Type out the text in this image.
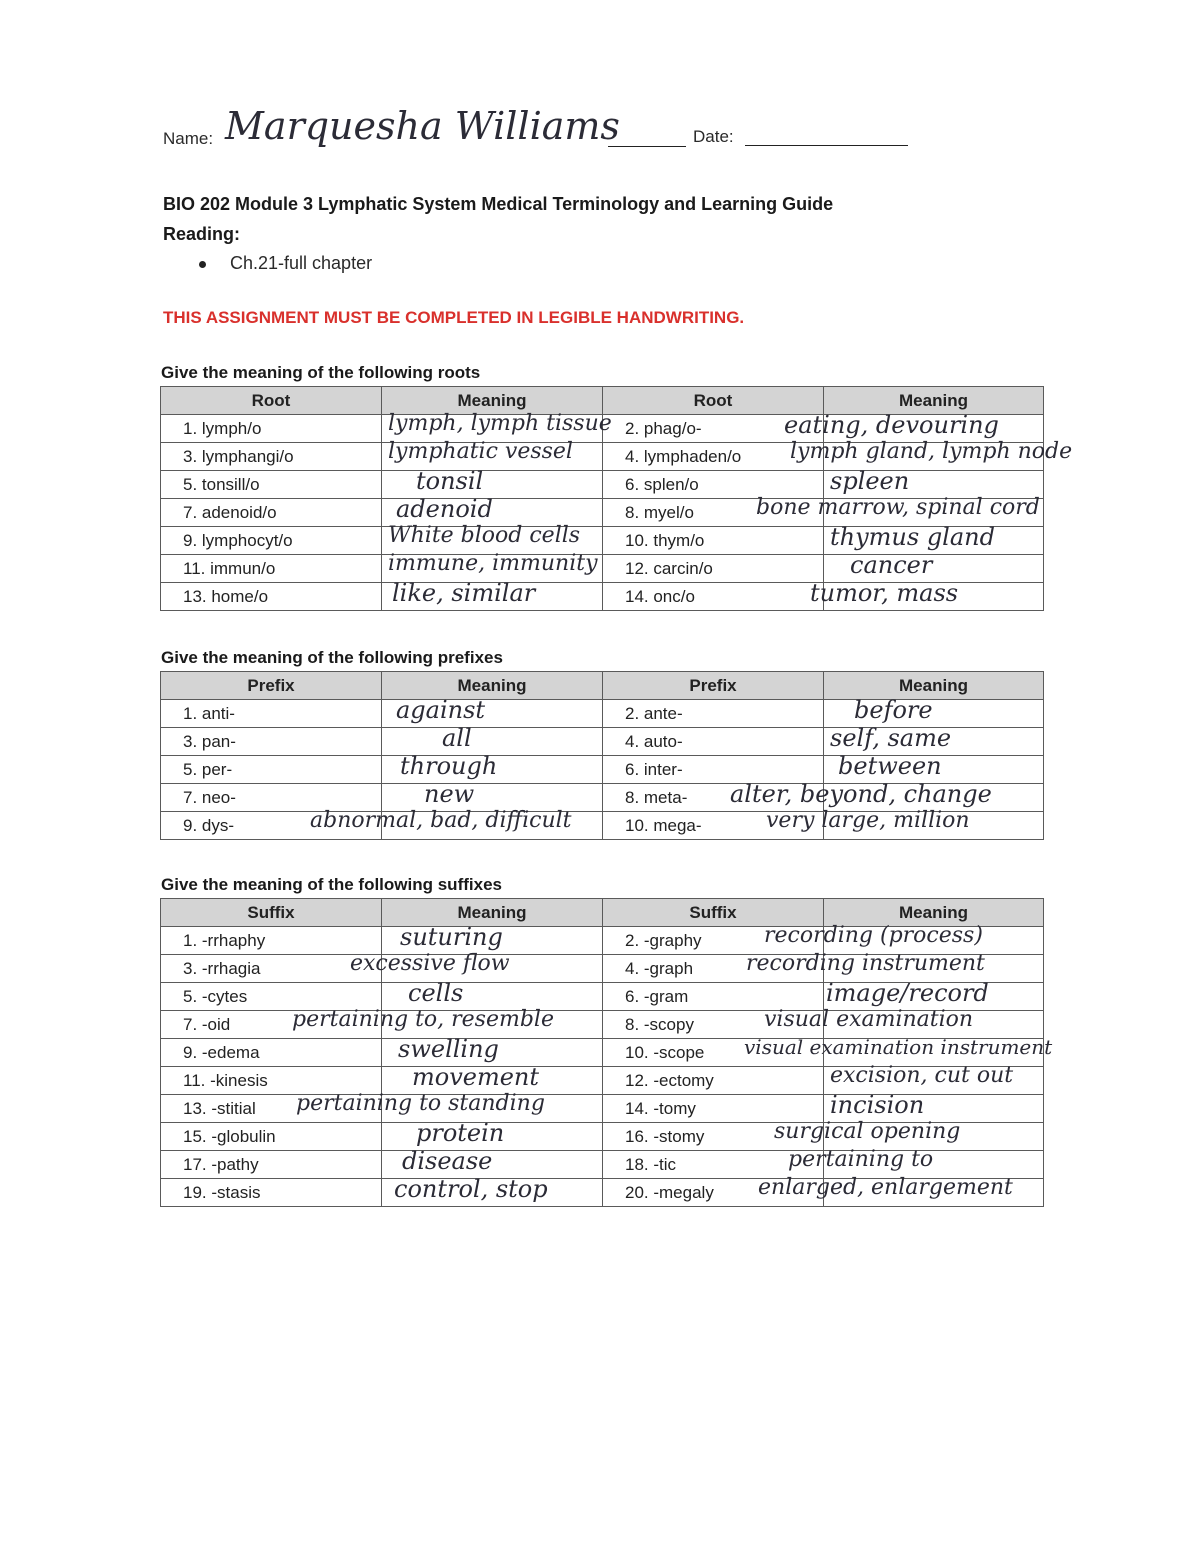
Name: Marquesha Williams	Date:
BIO 202 Module 3 Lymphatic System Medical Terminology and Learning Guide
Reading:
Ch.21-full chapter
THIS ASSIGNMENT MUST BE COMPLETED IN LEGIBLE HANDWRITING.
Give the meaning of the following roots
Root	Meaning	Root	Meaning
1. lymph/o	lymph, lymph tissue	2. phag/o-	eating, devouring

3. lymphangi/o	lymphatic vessel	4. lymphaden/o	lymph gland, lymph node

5. tonsill/o	tonsil	6. splen/o	spleen

7. adenoid/o	adenoid	8. myel/o	bone marrow, spinal cord

9. lymphocyt/o	White blood cells	10. thym/o	thymus gland

11. immun/o	immune, immunity	12. carcin/o	cancer

13. home/o	like, similar	14. onc/o	tumor, mass
Give the meaning of the following prefixes
Prefix	Meaning	Prefix	Meaning
1. anti-	against	2. ante-	before

3. pan-	all	4. auto-	self, same

5. per-	through	6. inter-	between

7. neo-	new	8. meta-	alter, beyond, change

9. dys-	abnormal, bad, difficult	10. mega-	very large, million
Give the meaning of the following suffixes
Suffix	Meaning	Suffix	Meaning
1. -rrhaphy	suturing	2. -graphy	recording (process)

3. -rrhagia	excessive flow	4. -graph	recording instrument

5. -cytes	cells	6. -gram	image/record

7. -oid	pertaining to, resemble	8. -scopy	visual examination

9. -edema	swelling	10. -scope	visual examination instrument

11. -kinesis	movement	12. -ectomy	excision, cut out

13. -stitial	pertaining to standing	14. -tomy	incision

15. -globulin	protein	16. -stomy	surgical opening

17. -pathy	disease	18. -tic	pertaining to

19. -stasis	control, stop	20. -megaly	enlarged, enlargement
